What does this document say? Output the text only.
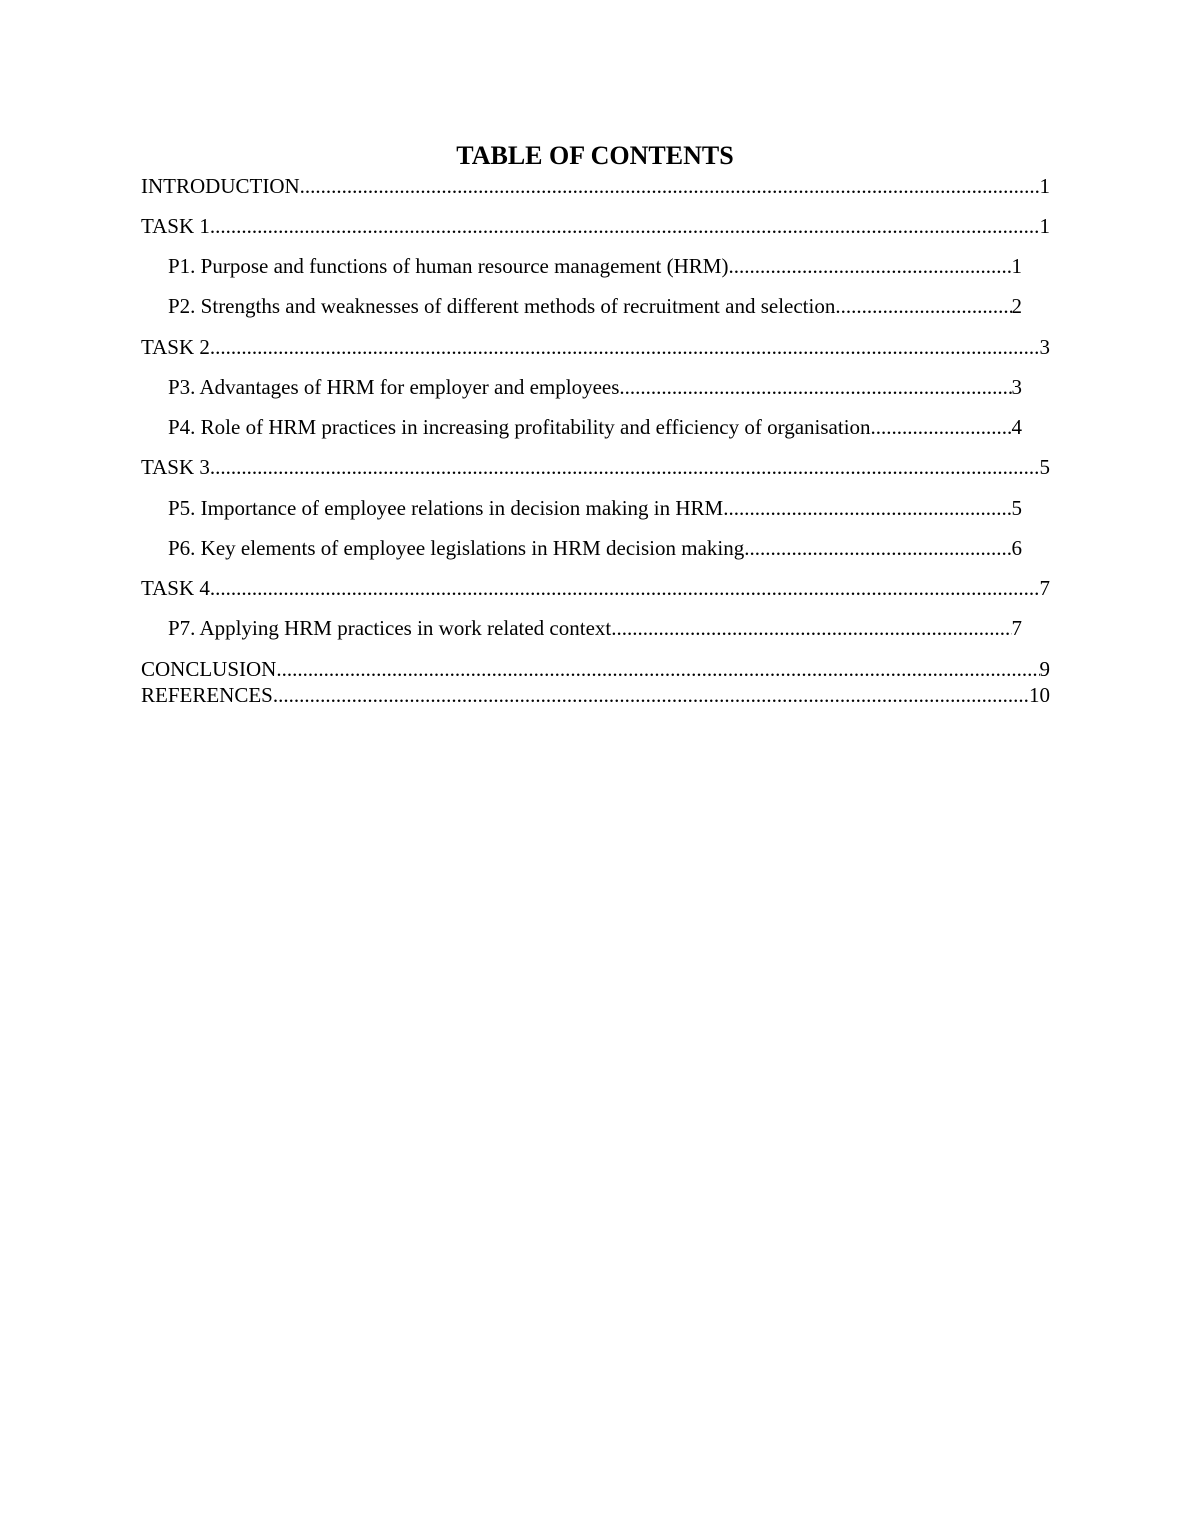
TABLE OF CONTENTS
INTRODUCTION .....	1
TASK 1 .....	1
P1. Purpose and functions of human resource management (HRM) .....	1
P2. Strengths and weaknesses of different methods of recruitment and selection .....	2
TASK 2 .....	3
P3. Advantages of HRM for employer and employees .....	3
P4. Role of HRM practices in increasing profitability and efficiency of organisation .....	4
TASK 3 .....	5
P5. Importance of employee relations in decision making in HRM .....	5
P6. Key elements of employee legislations in HRM decision making .....	6
TASK 4 .....	7
P7. Applying HRM practices in work related context .....	7
CONCLUSION .....	9
REFERENCES .....	10
